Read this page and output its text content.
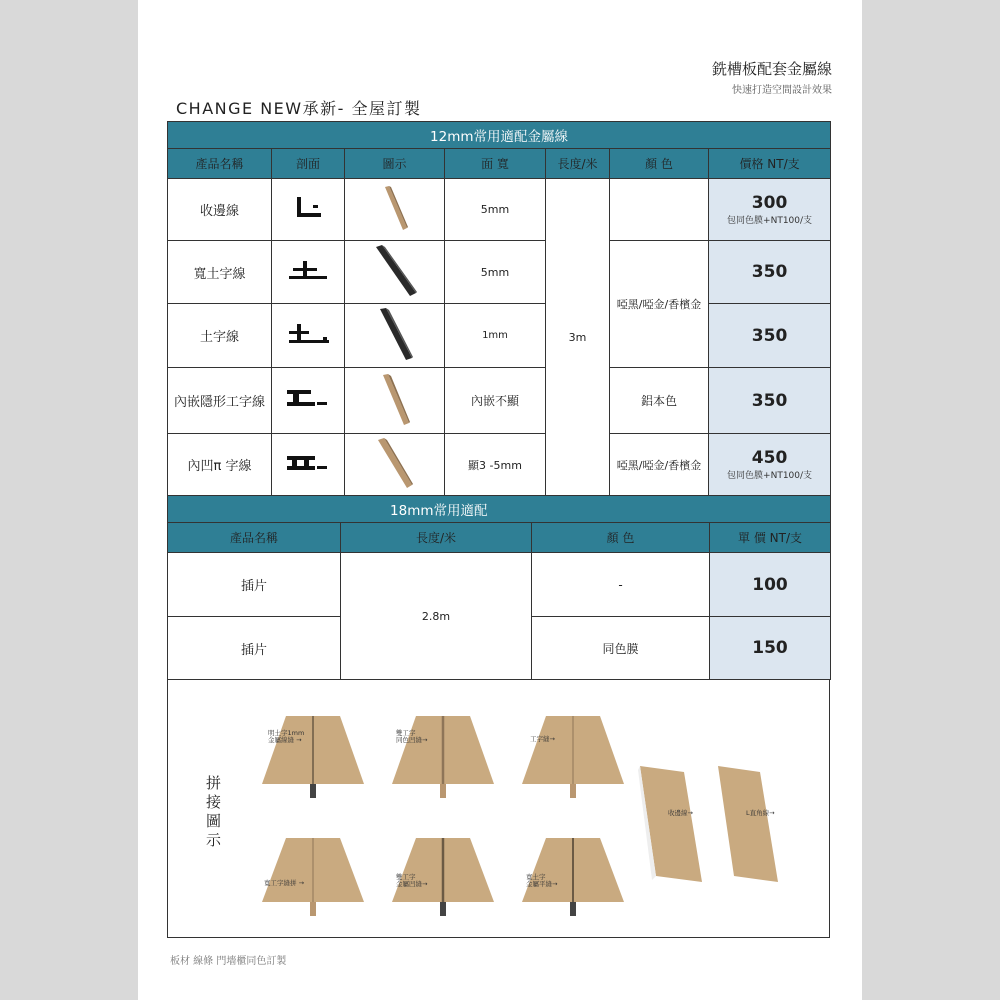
銑槽板配套金屬線
快速打造空間設計效果
CHANGE NEW承新- 全屋訂製
12mm常用適配金屬線						
產品名稱	剖面	圖示	面 寬	長度/米	顏 色	價格 NT/支
收邊線			5mm	3m		300
包同色膜+NT100/支

寬土字線			5mm		啞黑/啞金/香檳金	350

土字線			1mm			350

內嵌隱形工字線			內嵌不顯		鋁本色	350

內凹π 字線			顯3 -5mm		啞黑/啞金/香檳金	450
包同色膜+NT100/支
18mm常用適配			
產品名稱	長度/米	顏 色	單 價 NT/支
插片	2.8m	-	100

插片		同色膜	150
拼接圖示
明土字1mm
金屬線縫 →
雙工字
同色凹縫→	工字縫→
寬工字縫拼 →
雙工字
金屬凹縫→
寬土字
金屬平縫→
收邊線→	L直角線→
板材 線條 門墻櫃同色訂製
